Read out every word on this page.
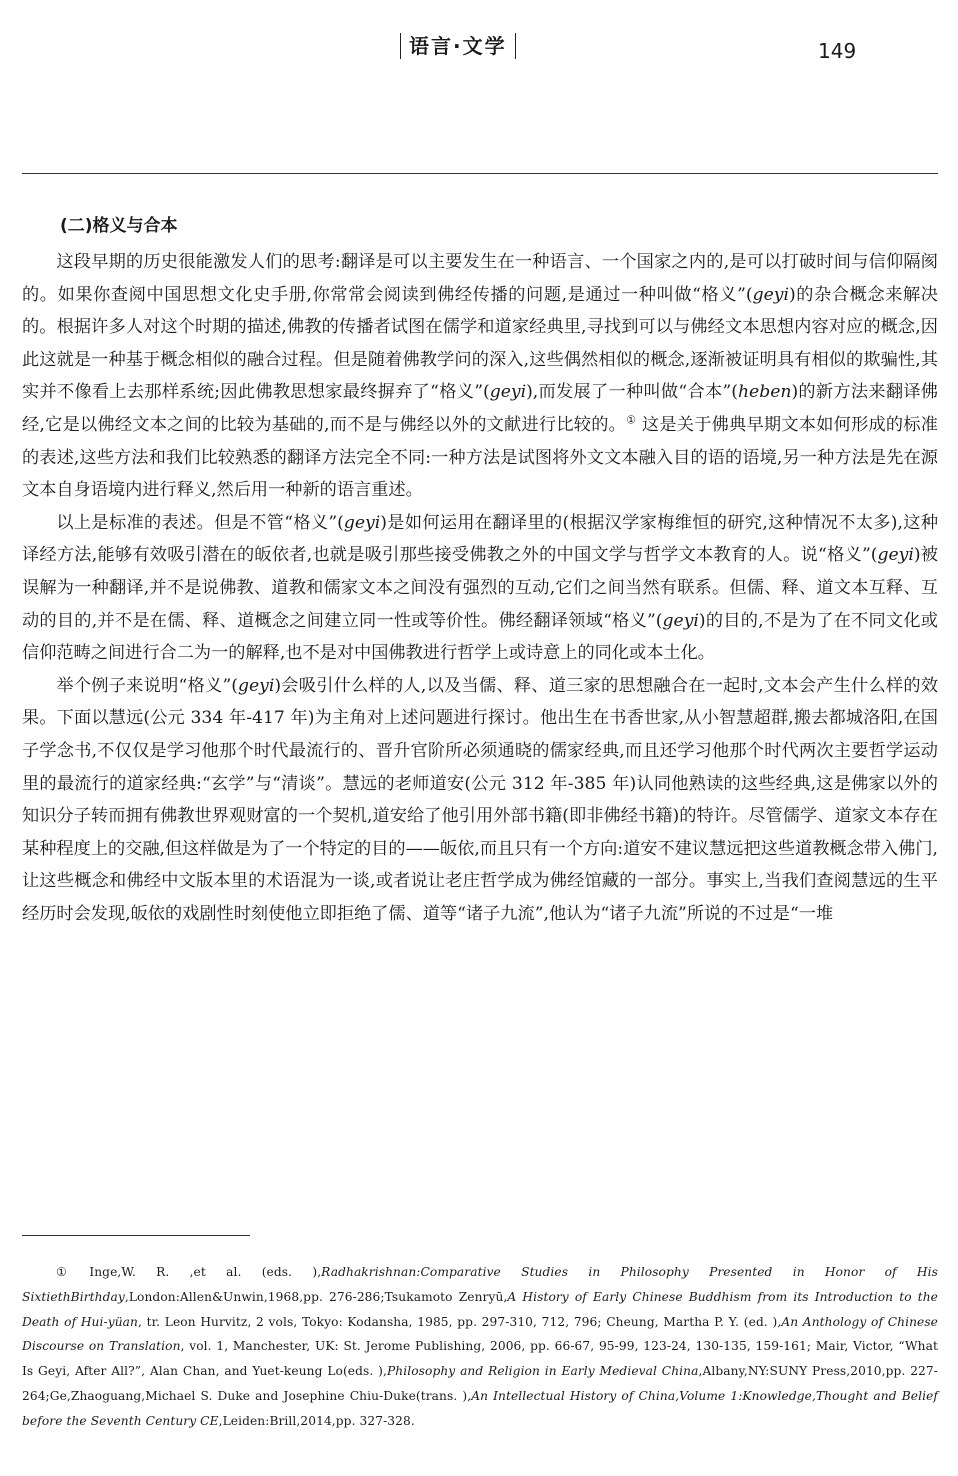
语言·文学	149
(二)格义与合本

这段早期的历史很能激发人们的思考:翻译是可以主要发生在一种语言、一个国家之内的,是可以打破时间与信仰隔阂的。如果你查阅中国思想文化史手册,你常常会阅读到佛经传播的问题,是通过一种叫做“格义”(geyi)的杂合概念来解决的。根据许多人对这个时期的描述,佛教的传播者试图在儒学和道家经典里,寻找到可以与佛经文本思想内容对应的概念,因此这就是一种基于概念相似的融合过程。但是随着佛教学问的深入,这些偶然相似的概念,逐渐被证明具有相似的欺骗性,其实并不像看上去那样系统;因此佛教思想家最终摒弃了“格义”(geyi),而发展了一种叫做“合本”(heben)的新方法来翻译佛经,它是以佛经文本之间的比较为基础的,而不是与佛经以外的文献进行比较的。① 这是关于佛典早期文本如何形成的标准的表述,这些方法和我们比较熟悉的翻译方法完全不同:一种方法是试图将外文文本融入目的语的语境,另一种方法是先在源文本自身语境内进行释义,然后用一种新的语言重述。

以上是标准的表述。但是不管“格义”(geyi)是如何运用在翻译里的(根据汉学家梅维恒的研究,这种情况不太多),这种译经方法,能够有效吸引潜在的皈依者,也就是吸引那些接受佛教之外的中国文学与哲学文本教育的人。说“格义”(geyi)被误解为一种翻译,并不是说佛教、道教和儒家文本之间没有强烈的互动,它们之间当然有联系。但儒、释、道文本互释、互动的目的,并不是在儒、释、道概念之间建立同一性或等价性。佛经翻译领域“格义”(geyi)的目的,不是为了在不同文化或信仰范畴之间进行合二为一的解释,也不是对中国佛教进行哲学上或诗意上的同化或本土化。

举个例子来说明“格义”(geyi)会吸引什么样的人,以及当儒、释、道三家的思想融合在一起时,文本会产生什么样的效果。下面以慧远(公元 334 年-417 年)为主角对上述问题进行探讨。他出生在书香世家,从小智慧超群,搬去都城洛阳,在国子学念书,不仅仅是学习他那个时代最流行的、晋升官阶所必须通晓的儒家经典,而且还学习他那个时代两次主要哲学运动里的最流行的道家经典:“玄学”与“清谈”。慧远的老师道安(公元 312 年-385 年)认同他熟读的这些经典,这是佛家以外的知识分子转而拥有佛教世界观财富的一个契机,道安给了他引用外部书籍(即非佛经书籍)的特许。尽管儒学、道家文本存在某种程度上的交融,但这样做是为了一个特定的目的——皈依,而且只有一个方向:道安不建议慧远把这些道教概念带入佛门,让这些概念和佛经中文版本里的术语混为一谈,或者说让老庄哲学成为佛经馆藏的一部分。事实上,当我们查阅慧远的生平经历时会发现,皈依的戏剧性时刻使他立即拒绝了儒、道等“诸子九流”,他认为“诸子九流”所说的不过是“一堆

① Inge,W. R. ,et al. (eds. ),Radhakrishnan:Comparative Studies in Philosophy Presented in Honor of His SixtiethBirthday,London:Allen&Unwin,1968,pp. 276-286;Tsukamoto Zenryū,A History of Early Chinese Buddhism from its Introduction to the Death of Hui-yüan, tr. Leon Hurvitz, 2 vols, Tokyo: Kodansha, 1985, pp. 297-310, 712, 796; Cheung, Martha P. Y. (ed. ),An Anthology of Chinese Discourse on Translation, vol. 1, Manchester, UK: St. Jerome Publishing, 2006, pp. 66-67, 95-99, 123-24, 130-135, 159-161; Mair, Victor, “What Is Geyi, After All?”, Alan Chan, and Yuet-keung Lo(eds. ),Philosophy and Religion in Early Medieval China,Albany,NY:SUNY Press,2010,pp. 227-264;Ge,Zhaoguang,Michael S. Duke and Josephine Chiu-Duke(trans. ),An Intellectual History of China,Volume 1:Knowledge,Thought and Belief before the Seventh Century CE,Leiden:Brill,2014,pp. 327-328.
